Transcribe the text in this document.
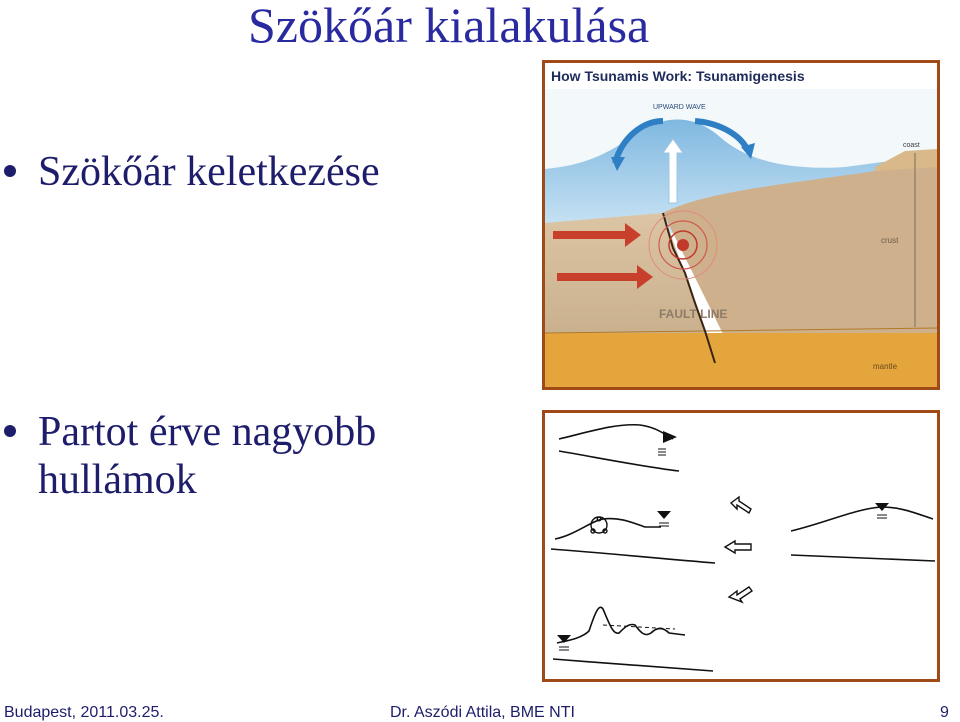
Szökőár kialakulása
Szökőár keletkezése
Partot érve nagyobb
hullámok
How Tsunamis Work: Tsunamigenesis
UPWARD WAVE
FAULT LINE
crust
mantle
coast
Budapest, 2011.03.25.	Dr. Aszódi Attila, BME NTI	9
